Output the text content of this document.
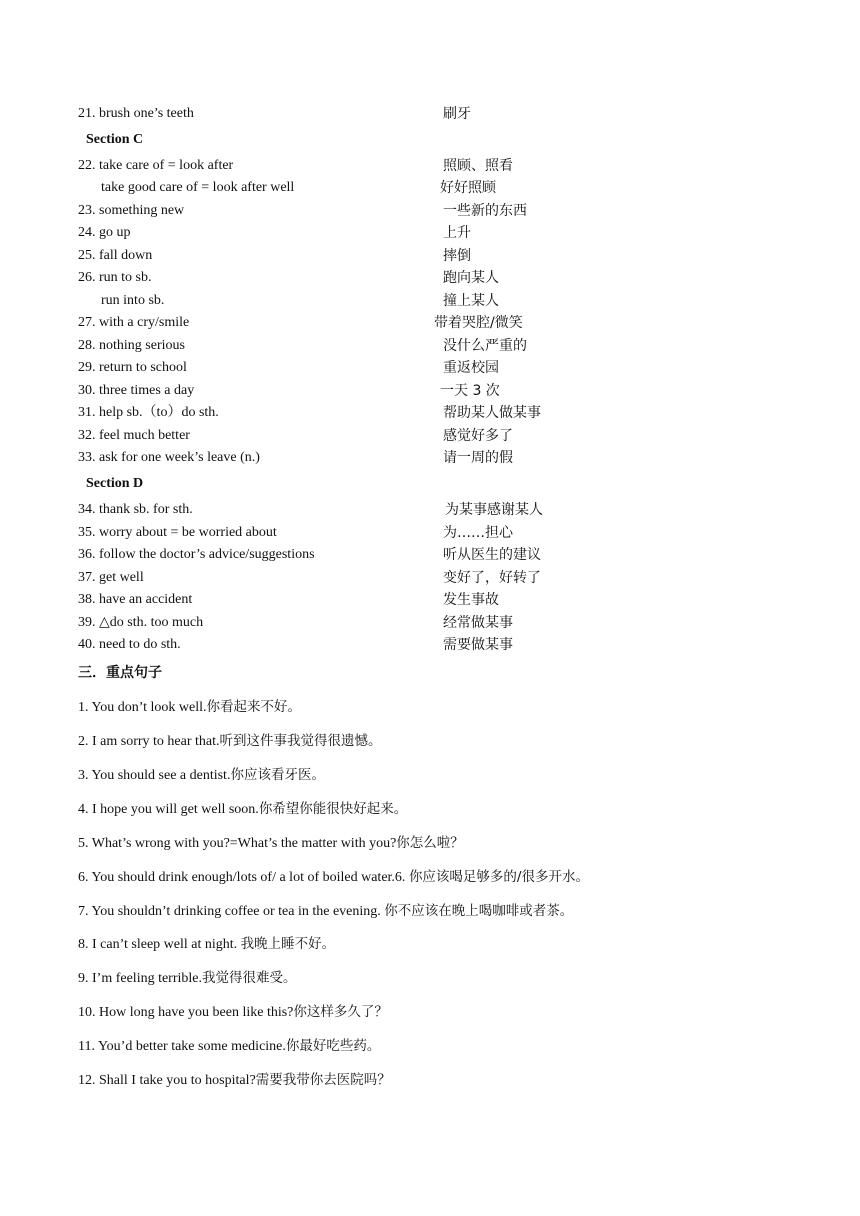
21. brush one’s teeth	刷牙
Section C
22. take care of = look after	照顾、照看
take good care of = look after well	好好照顾
23. something new	一些新的东西
24. go up	上升
25. fall down	摔倒
26. run to sb.	跑向某人
run into sb.	撞上某人
27. with a cry/smile	带着哭腔/微笑
28. nothing serious	没什么严重的
29. return to school	重返校园
30. three times a day	一天 3 次
31. help sb.（to）do sth.	帮助某人做某事
32. feel much better	感觉好多了
33. ask for one week’s leave (n.)	请一周的假
Section D
34. thank sb. for sth.	为某事感谢某人
35. worry about = be worried about	为……担心
36. follow the doctor’s advice/suggestions	听从医生的建议
37. get well	变好了，好转了
38. have an accident	发生事故
39. △do sth. too much	经常做某事
40. need to do sth.	需要做某事
三．重点句子
1. You don’t look well.你看起来不好。
2. I am sorry to hear that.听到这件事我觉得很遗憾。
3. You should see a dentist.你应该看牙医。
4. I hope you will get well soon.你希望你能很快好起来。
5. What’s wrong with you?=What’s the matter with you?你怎么啦？
6. You should drink enough/lots of/ a lot of boiled water.6. 你应该喝足够多的/很多开水。
7. You shouldn’t drinking coffee or tea in the evening. 你不应该在晚上喝咖啡或者茶。
8. I can’t sleep well at night. 我晚上睡不好。
9. I’m feeling terrible.我觉得很难受。
10. How long have you been like this?你这样多久了？
11. You’d better take some medicine.你最好吃些药。
12. Shall I take you to hospital?需要我带你去医院吗？
